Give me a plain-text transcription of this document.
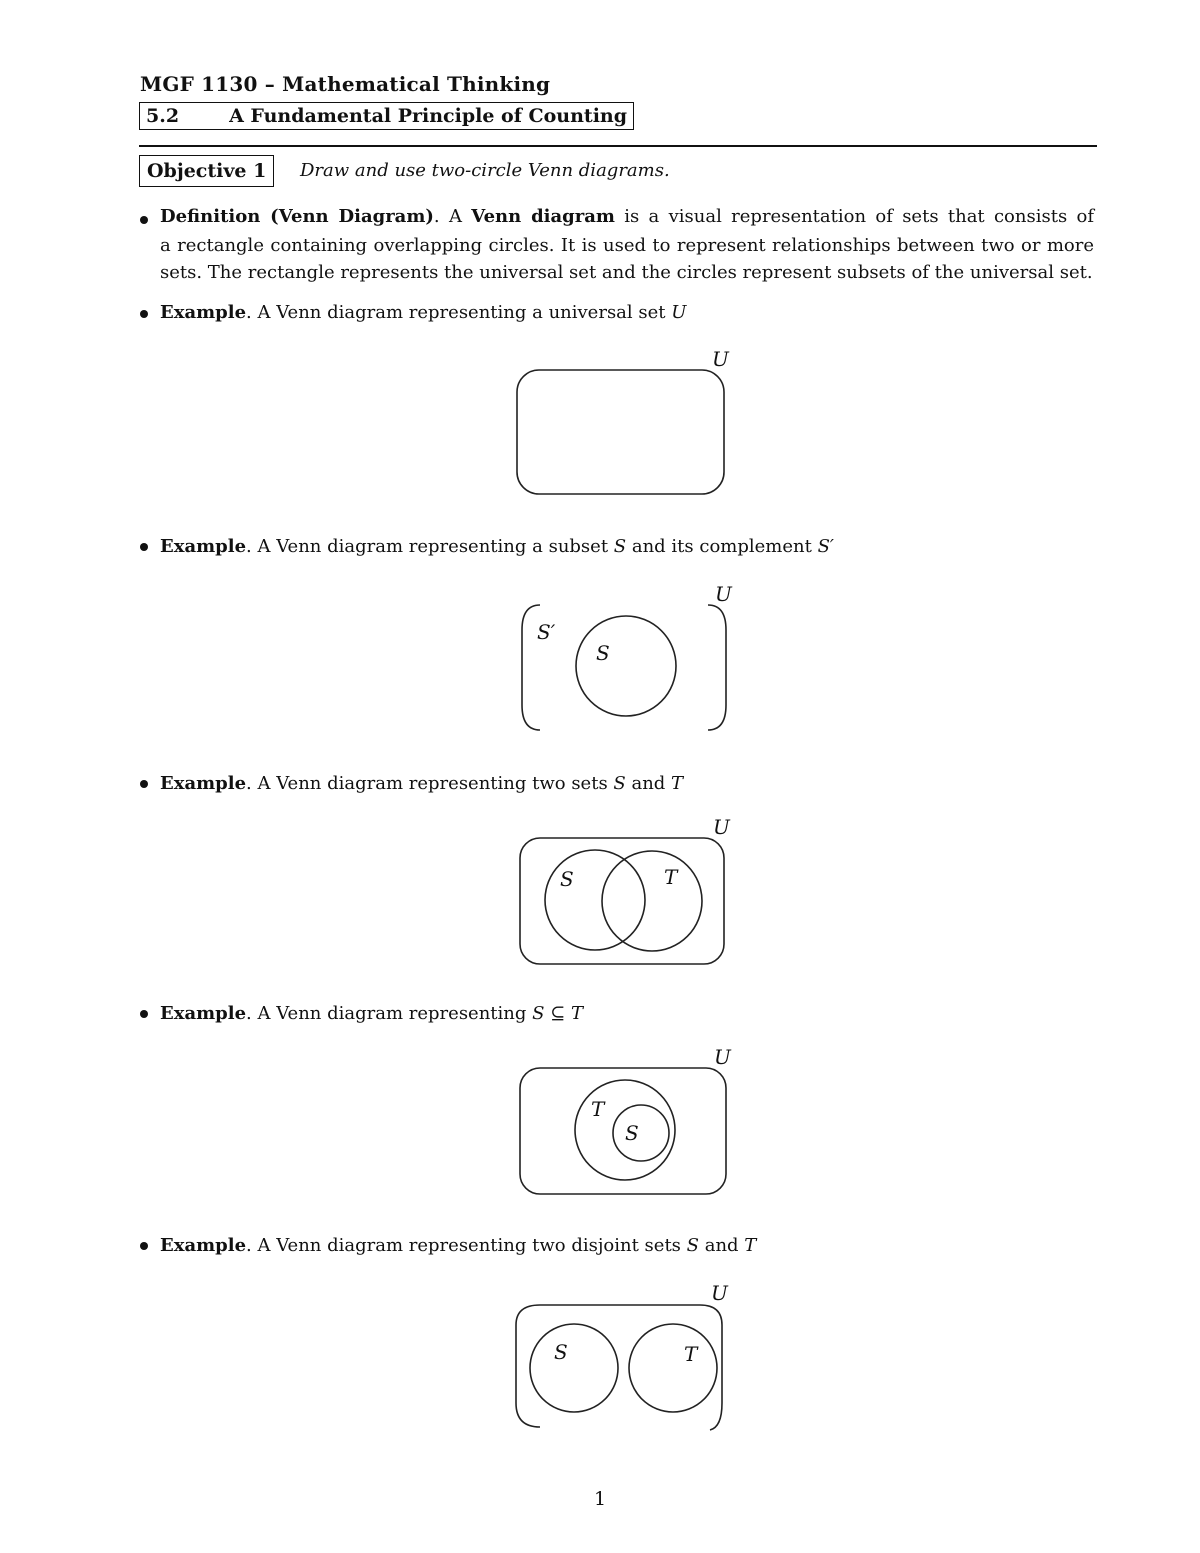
MGF 1130 – Mathematical Thinking
5.2	A Fundamental Principle of Counting
Objective 1	Draw and use two-circle Venn diagrams.
Definition (Venn Diagram). A Venn diagram is a visual representation of sets that consists of
a rectangle containing overlapping circles. It is used to represent relationships between two or more
sets. The rectangle represents the universal set and the circles represent subsets of the universal set.
Example. A Venn diagram representing a universal set U
U
Example. A Venn diagram representing a subset S and its complement S′
U
S′
S
Example. A Venn diagram representing two sets S and T
U
S	T
Example. A Venn diagram representing S ⊆ T
U
T
S
Example. A Venn diagram representing two disjoint sets S and T
U
S	T
1
